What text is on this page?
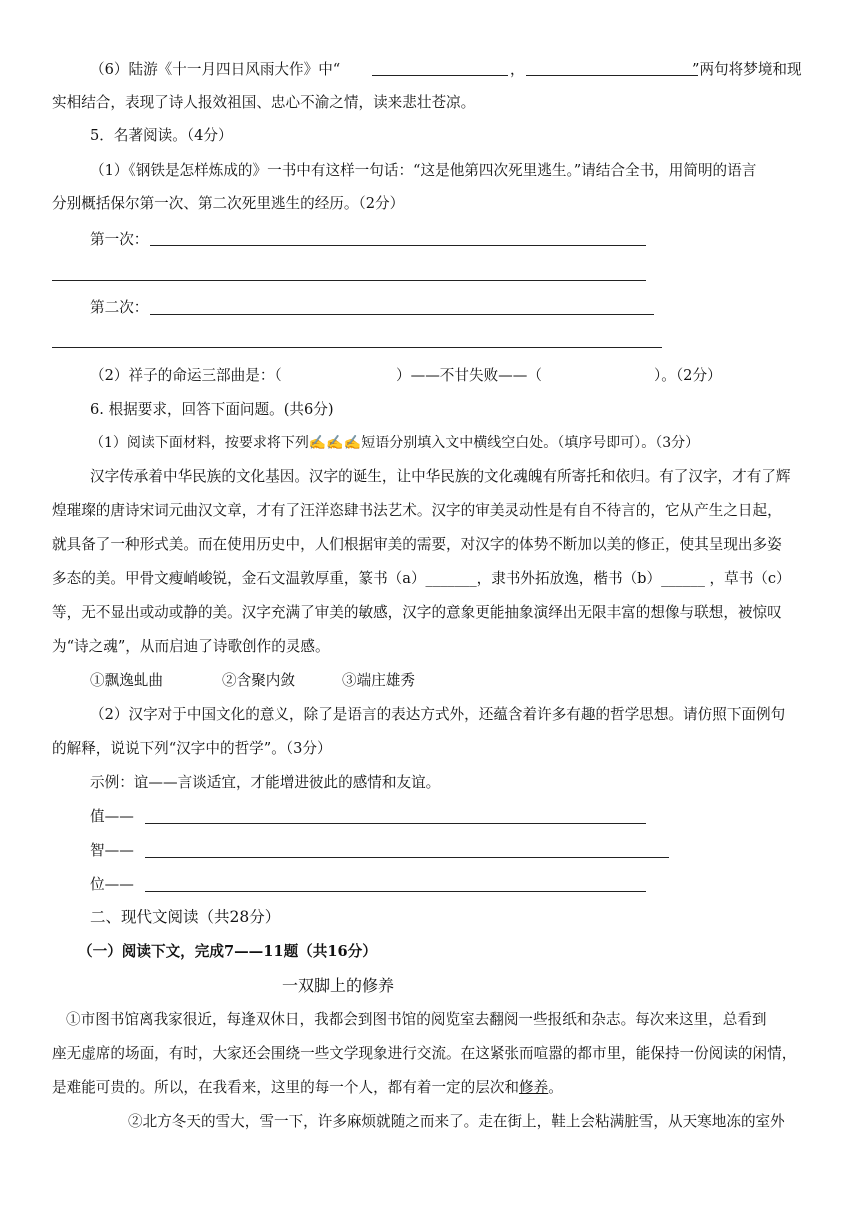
（6）陆游《十一月四日风雨大作》中“	，	”两句将梦境和现
实相结合，表现了诗人报效祖国、忠心不渝之情，读来悲壮苍凉。
5．名著阅读。（4分）
（1）《钢铁是怎样炼成的》一书中有这样一句话：“这是他第四次死里逃生。”请结合全书，用简明的语言
分别概括保尔第一次、第二次死里逃生的经历。（2分）
第一次：
第二次：
（2）祥子的命运三部曲是：（	）——不甘失败——（	）。（2分）
6. 根据要求，回答下面问题。(共6分)
（1）阅读下面材料，按要求将下列✍✍✍短语分别填入文中横线空白处。（填序号即可）。（3分）
汉字传承着中华民族的文化基因。汉字的诞生，让中华民族的文化魂魄有所寄托和依归。有了汉字，才有了辉
煌璀璨的唐诗宋词元曲汉文章，才有了汪洋恣肆书法艺术。汉字的审美灵动性是有自不待言的，它从产生之日起，
就具备了一种形式美。而在使用历史中，人们根据审美的需要，对汉字的体势不断加以美的修正，使其呈现出多姿
多态的美。甲骨文瘦峭峻锐，金石文温敦厚重，篆书（a）_______，隶书外拓放逸，楷书（b）______ ，草书（c）
等，无不显出或动或静的美。汉字充满了审美的敏感，汉字的意象更能抽象演绎出无限丰富的想像与联想，被惊叹
为“诗之魂”，从而启迪了诗歌创作的灵感。
①飘逸虬曲	②含聚内敛	③端庄雄秀
（2）汉字对于中国文化的意义，除了是语言的表达方式外，还蕴含着许多有趣的哲学思想。请仿照下面例句
的解释，说说下列“汉字中的哲学”。（3分）
示例：谊——言谈适宜，才能增进彼此的感情和友谊。
值——
智——
位——
二、现代文阅读（共28分）
（一）阅读下文，完成7——11题（共16分）
一双脚上的修养
①市图书馆离我家很近，每逢双休日，我都会到图书馆的阅览室去翻阅一些报纸和杂志。每次来这里，总看到
座无虚席的场面，有时，大家还会围绕一些文学现象进行交流。在这紧张而喧嚣的都市里，能保持一份阅读的闲情，
是难能可贵的。所以，在我看来，这里的每一个人，都有着一定的层次和修养。
②北方冬天的雪大，雪一下，许多麻烦就随之而来了。走在街上，鞋上会粘满脏雪，从天寒地冻的室外
